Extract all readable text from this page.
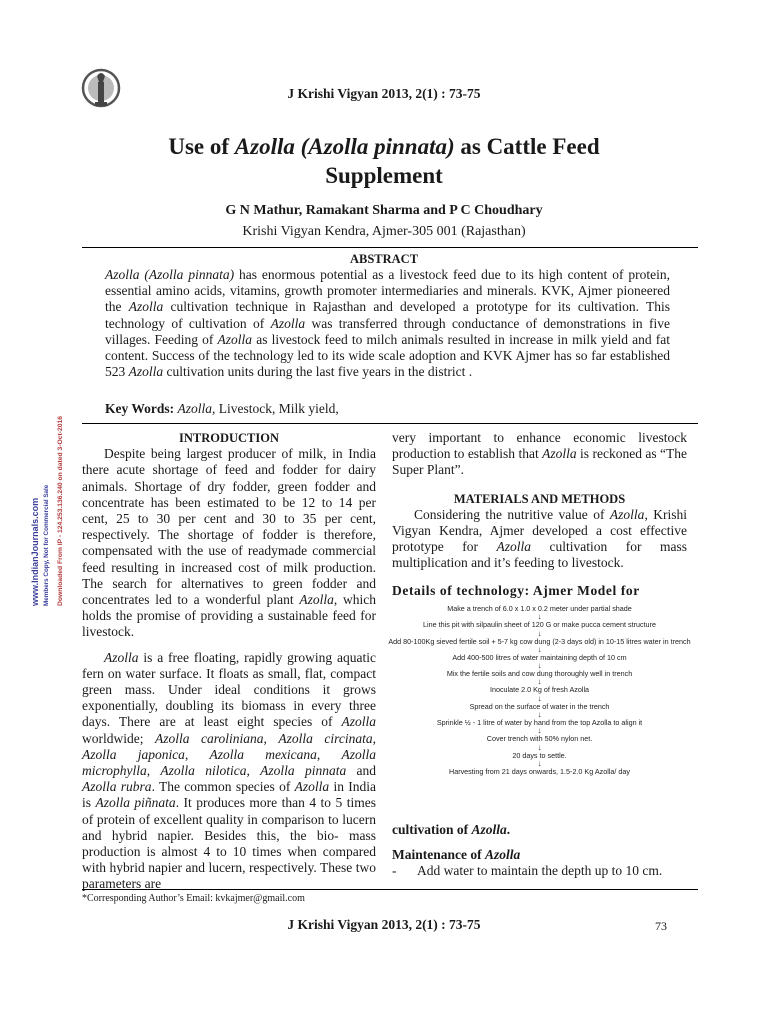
J Krishi Vigyan 2013, 2(1) : 73-75
Use of Azolla (Azolla pinnata) as Cattle Feed
Supplement
G N Mathur, Ramakant Sharma and P C Choudhary
Krishi Vigyan Kendra, Ajmer-305 001 (Rajasthan)
ABSTRACT
Azolla (Azolla pinnata) has enormous potential as a livestock feed due to its high content of protein, essential amino acids, vitamins, growth promoter intermediaries and minerals. KVK, Ajmer pioneered the Azolla cultivation technique in Rajasthan and developed a prototype for its cultivation. This technology of cultivation of Azolla was transferred through conductance of demonstrations in five villages. Feeding of Azolla as livestock feed to milch animals resulted in increase in milk yield and fat content. Success of the technology led to its wide scale adoption and KVK Ajmer has so far established 523 Azolla cultivation units during the last five years in the district .
Key Words: Azolla, Livestock, Milk yield,
www.IndianJournals.com Members Copy, Not for Commercial Sale Downloaded From IP - 124.253.136.240 on dated 3-Oct-2016	INTRODUCTION

Despite being largest producer of milk, in India there acute shortage of feed and fodder for dairy animals. Shortage of dry fodder, green fodder and concentrate has been estimated to be 12 to 14 per cent, 25 to 30 per cent and 30 to 35 per cent, respectively. The shortage of fodder is therefore, compensated with the use of readymade commercial feed resulting in increased cost of milk production. The search for alternatives to green fodder and concentrates led to a wonderful plant Azolla, which holds the promise of providing a sustainable feed for livestock.

Azolla is a free floating, rapidly growing aquatic fern on water surface. It floats as small, flat, compact green mass. Under ideal conditions it grows exponentially, doubling its biomass in every three days. There are at least eight species of Azolla worldwide; Azolla caroliniana, Azolla circinata, Azolla japonica, Azolla mexicana, Azolla microphylla, Azolla nilotica, Azolla pinnata and Azolla rubra. The common species of Azolla in India is Azolla piñnata. It produces more than 4 to 5 times of protein of excellent quality in comparison to lucern and hybrid napier. Besides this, the bio- mass production is almost 4 to 10 times when compared with hybrid napier and lucern, respectively. These two parameters are

very important to enhance economic livestock production to establish that Azolla is reckoned as “The Super Plant”.

MATERIALS AND METHODS

Considering the nutritive value of Azolla, Krishi Vigyan Kendra, Ajmer developed a cost effective prototype for Azolla cultivation for mass multiplication and it’s feeding to livestock.

Details of technology: Ajmer Model for
Make a trench of 6.0 x 1.0 x 0.2 meter under partial shade
↓
Line this pit with silpaulin sheet of 120 G or make pucca cement structure
↓
Add 80-100Kg sieved fertile soil + 5-7 kg cow dung (2-3 days old) in 10-15 litres water in trench
↓
Add 400-500 litres of water maintaining depth of 10 cm
↓
Mix the fertile soils and cow dung thoroughly well in trench
↓
Inoculate 2.0 Kg of fresh Azolla
↓
Spread on the surface of water in the trench
↓
Sprinkle ½ - 1 litre of water by hand from the top Azolla to align it
↓
Cover trench with 50% nylon net.
↓
20 days to settle.
↓
Harvesting from 21 days onwards, 1.5-2.0 Kg Azolla/ day
cultivation of Azolla.
Maintenance of Azolla
- Add water to maintain the depth up to 10 cm.
*Corresponding Author’s Email: kvkajmer@gmail.com
J Krishi Vigyan 2013, 2(1) : 73-75	73
